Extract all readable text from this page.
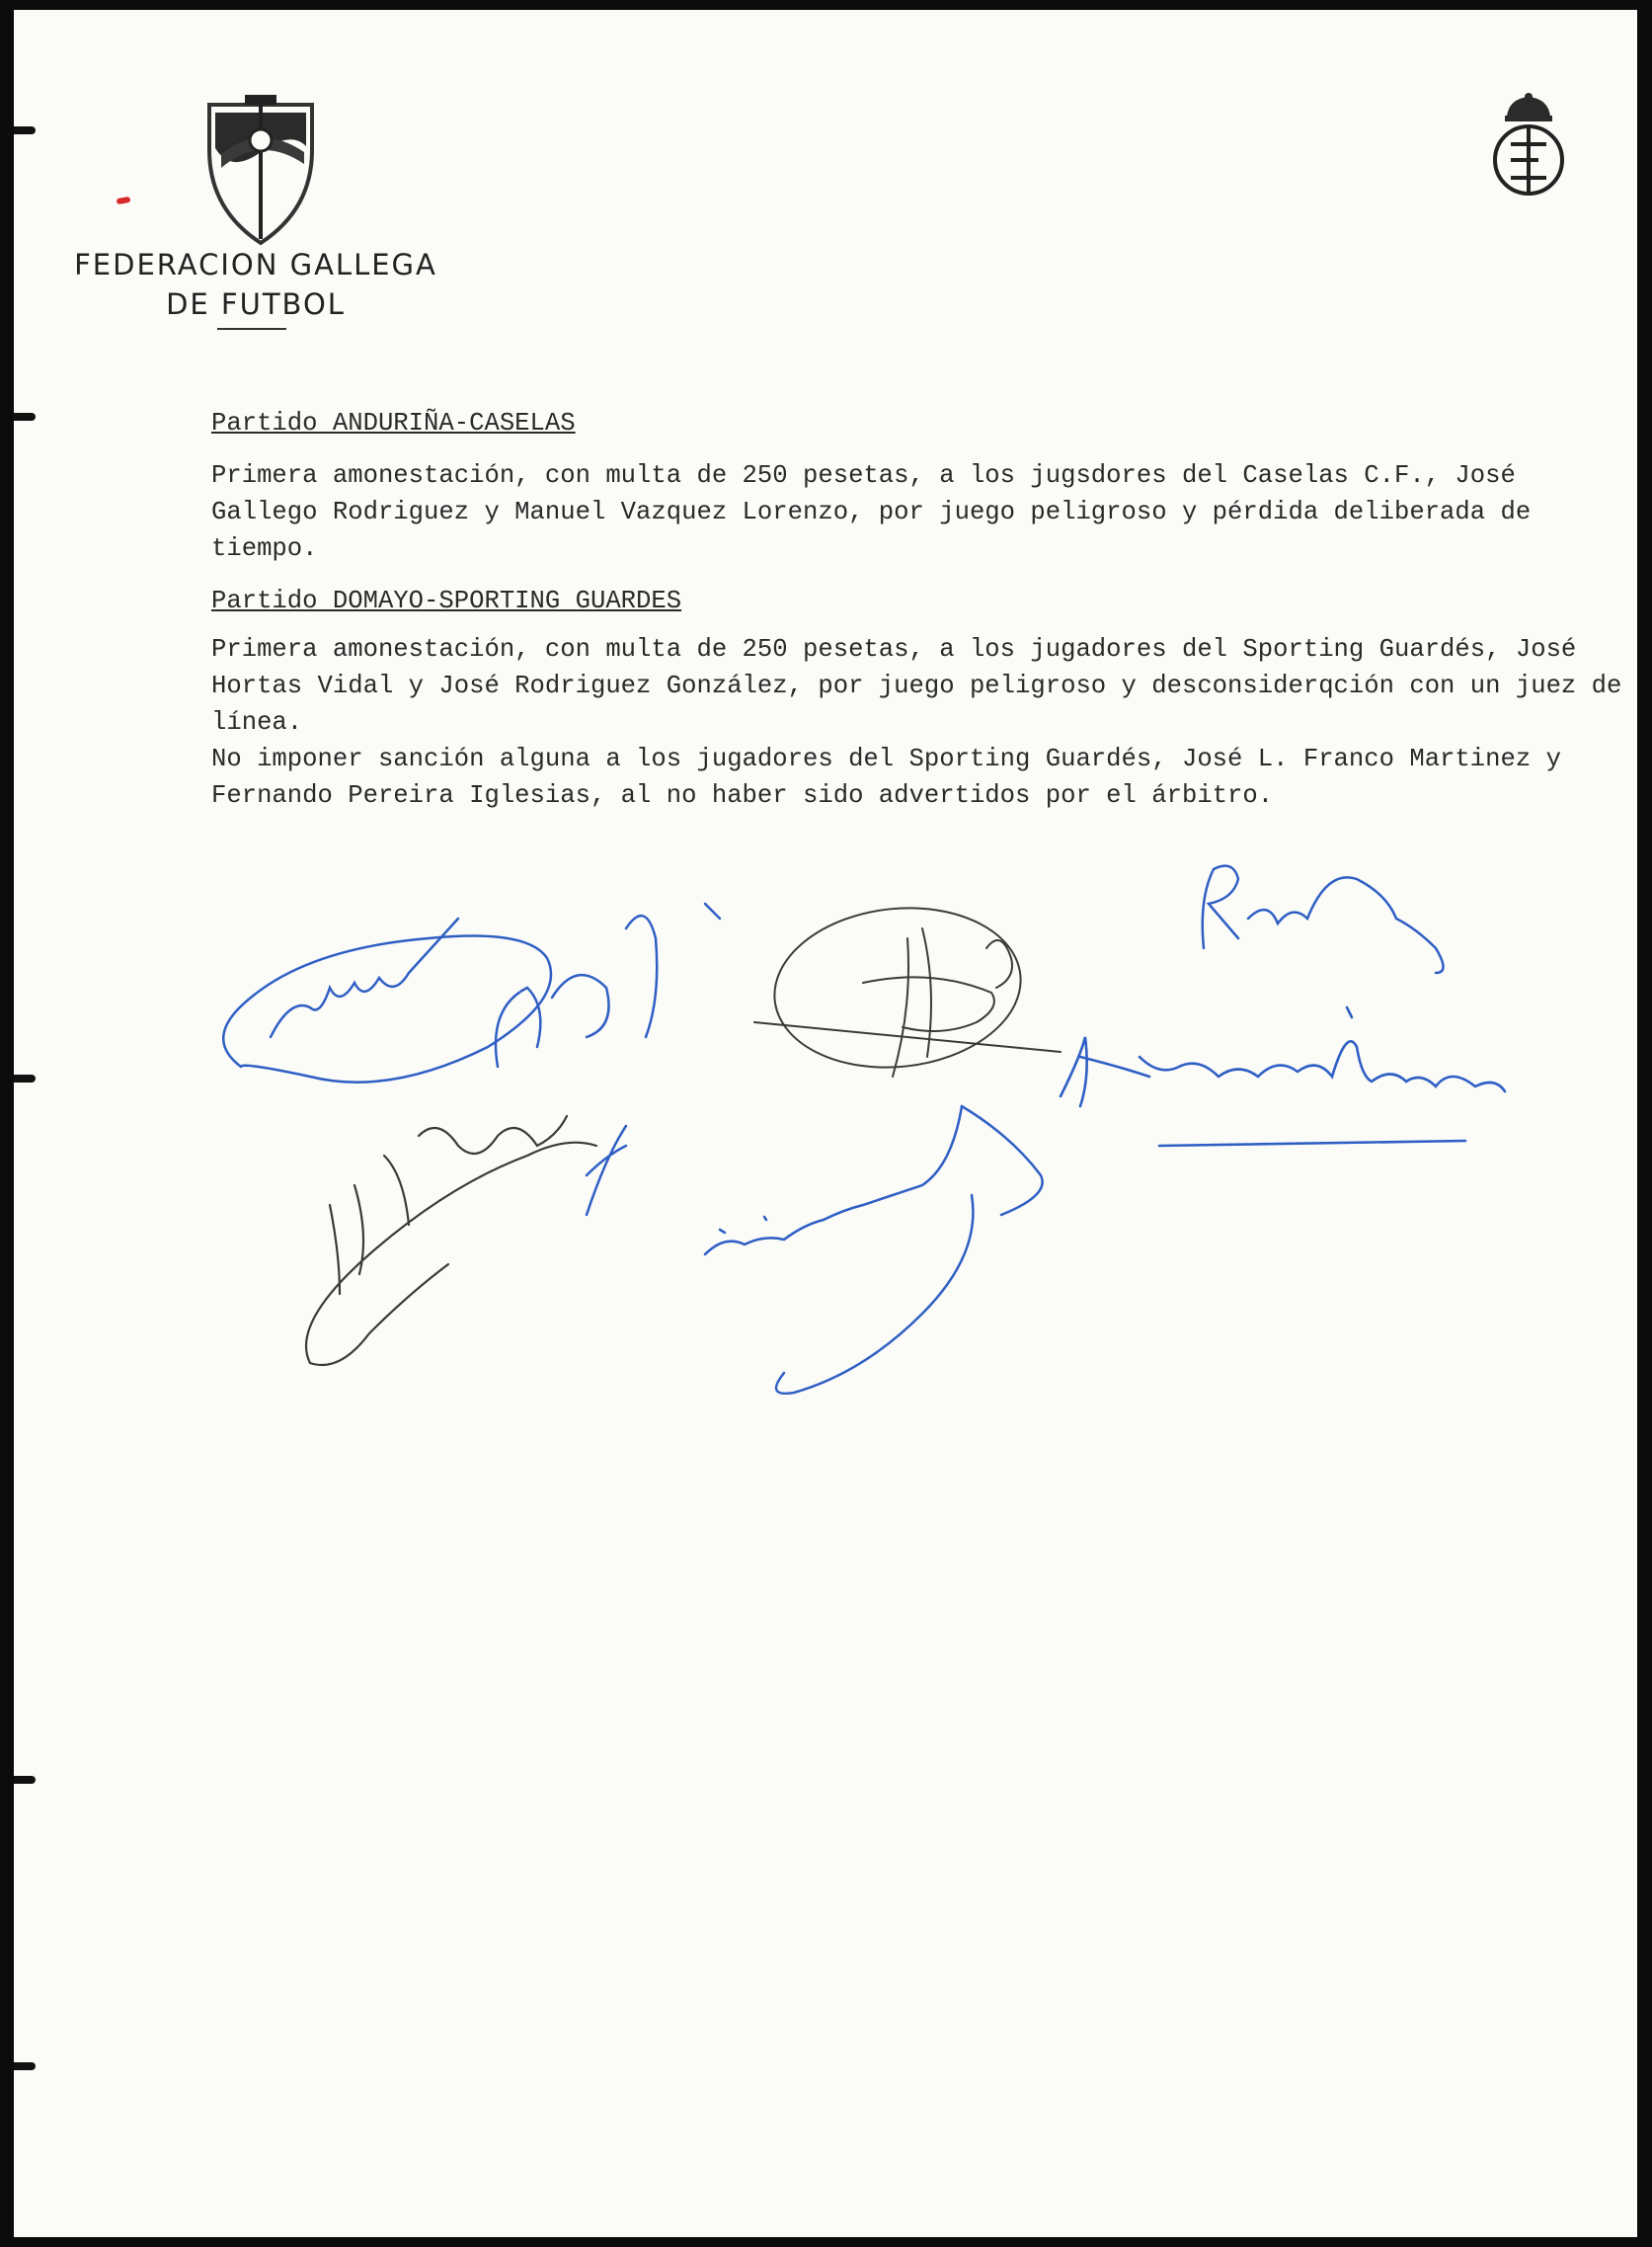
FEDERACION GALLEGA
DE FUTBOL

Partido ANDURIÑA-CASELAS

Primera amonestación, con multa de 250 pesetas, a los jugsdores del Caselas C.F., José Gallego Rodriguez y Manuel Vazquez Lorenzo, por juego peligroso y pérdida deliberada de tiempo.

Partido DOMAYO-SPORTING GUARDES

Primera amonestación, con multa de 250 pesetas, a los jugadores del Sporting Guardés, José Hortas Vidal y José Rodriguez González, por juego peligroso y desconsiderqción con un juez de línea.

No imponer sanción alguna a los jugadores del Sporting Guardés, José L. Franco Martinez y Fernando Pereira Iglesias, al no haber sido advertidos por el árbitro.
